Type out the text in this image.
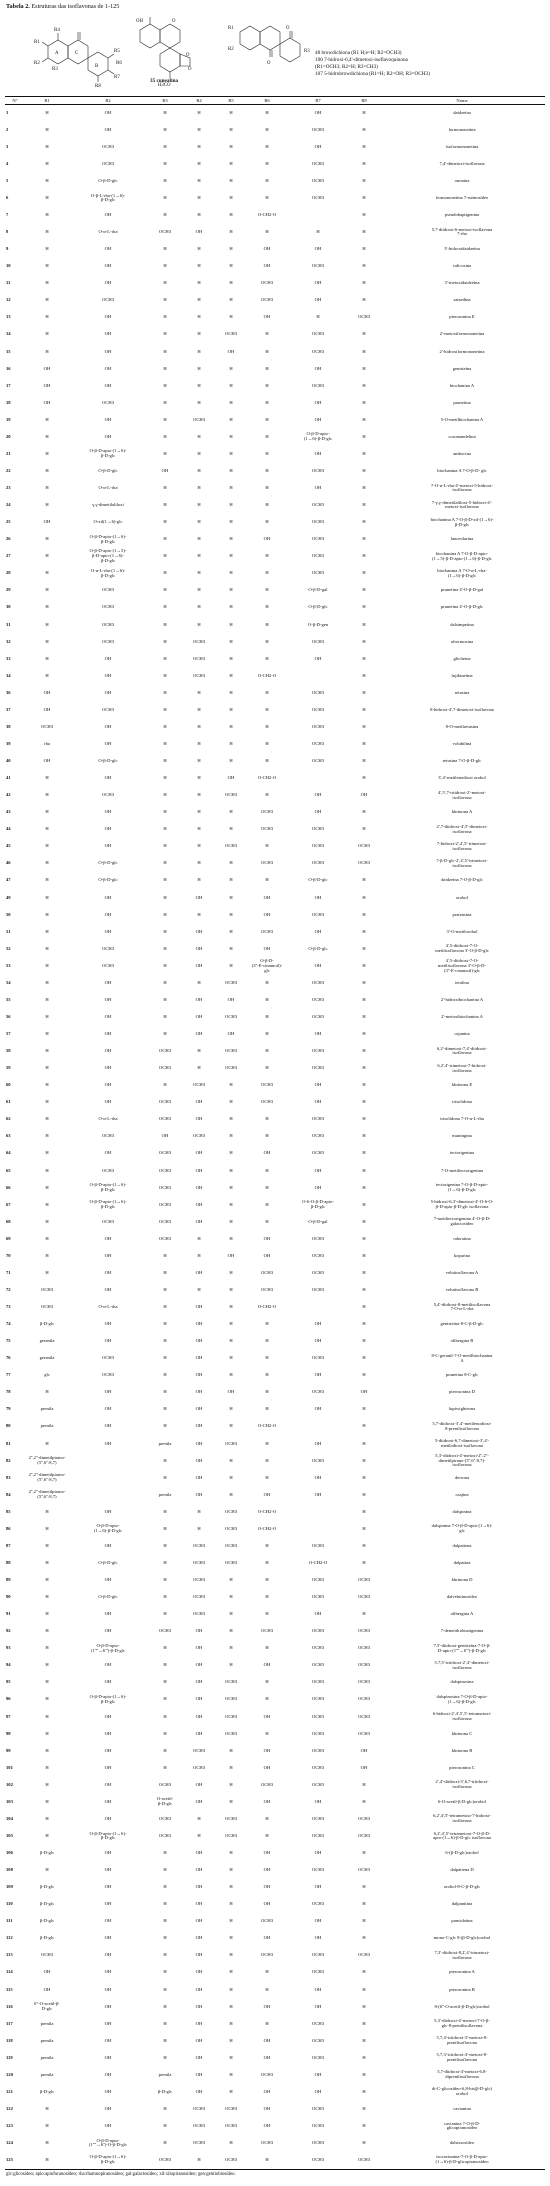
Tabela 2. Estruturas das isoflavonas de 1-125
A	C
B
R1
R2
R3
R4
R5
R6
R7
R8
OH	O
O
O
H3CO
R1
R2	R3
O
O
35 cuneatina
48 browdichiona (R1 H;e=H; R2=OCH3)
100 7-hidroxi-6,4'-dimetoxi-isoflavoquinona
(R1=OCH3; R2=H; R3=CH3)
107 5-hidrobrowdichiona (R1=H; R2=OH; R3=OCH3)
N°	R1	R2	R3	R4	R5	R6	R7	R8	Nome
1	H	OH	H	H	H	H	OH	H	daidzeína
2	H	OH	H	H	H	H	OCH3	H	formononetina
3	H	OCH3	H	H	H	H	OH	H	isoformononetina
4	H	OCH3	H	H	H	H	OCH3	H	7,4'-dimetoxi-isoflavona
5	H	O-β-D-glc	H	H	H	H	OCH3	H	ononina
6	H	O-β-L-rha-(1→6)-
β-D-glc	H	H	H	H	OCH3	H	formononetina 7-rutinosídeo
7	H	OH	H	H	H	O-CH2-O		H	pseudobaptigenina
8	H	O-α-L-rha	OCH3	OH	H	H	H	H	5,7-diidroxi-6-metoxi-isoflavona
7-rha
9	H	OH	H	H	H	OH	OH	H	3'-hidroxidaidzeína
10	H	OH	H	H	H	OH	OCH3	H	calicosina
11	H	OH	H	H	H	OCH3	OH	H	3'-metoxidaidzeína
12	H	OCH3	H	H	H	OCH3	OH	H	saiaedina
13	H	OH	H	H	H	OH	H	OCH3	pterosonina E
14	H	OH	H	H	OCH3	H	OCH3	H	2'-metoxiformononetina
15	H	OH	H	H	OH	H	OCH3	H	2'-hidroxiformononetina
16	OH	OH	H	H	H	H	OH	H	genisteína
17	OH	OH	H	H	H	H	OCH3	H	biochanina A
18	OH	OCH3	H	H	H	H	OH	H	prunetina
19	H	OH	H	OCH3	H	H	OH	H	5-O-metilbiochanina A
20	H	OH	H	H	H	H	O-β-D-apio-
(1→6)-β-D-glc	H	coromandelina
21	H	O-β-D-apio-(1→6)-
β-D-glc	H	H	H	H	OH	H	ambocina
22	H	O-β-D-glc	OH	H	H	H	OCH3	H	biochanina A 7-O-β-D- glc
23	H	O-α-L-rha	H	H	H	H	OH	H	7-O-α-L-rha-4'-metoxi-5-hidroxi-
isoflavona
24	H	γ,γ-dimetilaliloxi	H	H	H	H	OCH3	H	7-γ,γ-dimetilaliloxi-5-hidroxi-4'-
metoxi-isoflavona
25	OH	O-xil(1→6)-glc	H	H	H	H	OCH3	H	biochanina A 7-O-β-D-xil-(1→6)-
β-D-glc
26	H	O-β-D-apio-(1→6)-
β-D-glc	H	H	H	OH	OCH3	H	lanceolarina
27	H	O-β-D-apio-(1→5)-
β-D-apio-(1→6)-
β-D-glc	H	H	H	H	OCH3	H	biochanina A 7-O-β-D-apio-
(1→5)-β-D-apio-(1→6)-β-D-glc
28	H	O-α-L-rha-(1→6)-
β-D-glc	H	H	H	H	OCH3	H	biochanina A 7-O-α-L-rha-
(1→6)-β-D-glc
29	H	OCH3	H	H	H	H	O-β-D-gal	H	prunetina 4'-O-β-D-gal
30	H	OCH3	H	H	H	H	O-β-D-glc	H	prunetina 4'-O-β-D-glc
31	H	OCH3	H	H	H	H	O-β-D-gen	H	dalsimpetina
32	H	OCH3	H	OCH3	H	H	OCH3	H	afrormosina
33	H	OH	H	OCH3	H	H	OH	H	glicíteina
34	H	OH	H	OCH3	H	O-CH2-O		H	fujikinetina
36	OH	OH	H	H	H	H	OCH3	H	retusina
37	OH	OCH3	H	H	H	H	OCH3	H	8-hidroxi-4',7-dimetoxi-isoflavona
38	OCH3	OH	H	H	H	H	OCH3	H	8-O-metilretusina
39	rha	OH	H	H	H	H	OCH3	H	volubilina
40	OH	O-β-D-glc	H	H	H	H	OCH3	H	retusina 7-O-β-D-glc
41	H	OH	H	H	OH	O-CH2-O		H	3',4'-metilenodioxi orobol
42	H	OCH3	H	H	OCH3	H	OH	OH	4',5',7-triidroxi-2'-metoxi-
isoflavona
43	H	OH	H	H	H	OCH3	OH	H	khrinona A
44	H	OH	H	H	H	OCH3	OCH3	H	2',7-diidroxi-4',5'-dimetoxi-
isoflavona
45	H	OH	H	H	OCH3	H	OCH3	OCH3	7-hidroxi-2',4',5'-trimetoxi-
isoflavona
46	H	O-β-D-glc	H	H	H	OCH3	OCH3	OCH3	7-β-D-glc-2',4',5'-trimetoxi-
isoflavona
47	H	O-β-D-glc	H	H	H	H	O-β-D-glc	H	daidzeína 7-O-β-D-glc
49	H	OH	H	OH	H	OH	OH	H	orobol
50	H	OH	H	H	H	OH	OCH3	H	pratensina
51	H	OH	H	OH	H	OCH3	OH	H	3'-O-metilorobol
52	H	OCH3	H	OH	H	OH	O-β-D-glc	H	4',5-diidroxi-7-O-
metilisoflavona 3'-O-β-D-glc
53	H	OCH3	H	OH	H	O-β-D-
(3''-E-cinamoil)-
glc	OH	H	4',5-diidroxi-7-O-
metilisoflavona 3'-O-β-D-
(3''-E-cinamoil)-glc
54	H	OH	H	H	OCH3	H	OCH3	H	teralina
55	H	OH	H	OH	OH	H	OCH3	H	2'-hidroxibiochanina A
56	H	OH	H	OH	OCH3	H	OCH3	H	2'-metoxibiochanina A
57	H	OH	H	OH	OH	H	OH	H	cajanina
58	H	OH	OCH3	H	OCH3	H	OCH3	H	6,2'-dimetoxi-7,4'-diidroxi-
isoflavona
59	H	OH	OCH3	H	OCH3	H	OCH3	H	6,2',4'-trimetoxi-7-hidroxi-
isoflavona
60	H	OH	H	OCH3	H	OCH3	OH	H	khrinona E
61	H	OH	OCH3	OH	H	OCH3	OH	H	irisolidona
62	H	O-α-L-rha	OCH3	OH	H	H	OCH3	H	irisolidona 7-O-α-L-rha
63	H	OCH3	OH	OCH3	H	H	OCH3	H	muningina
64	H	OH	OCH3	OH	H	OH	OCH3	H	tectorigenina
65	H	OCH3	OCH3	OH	H	H	OH	H	7-O-metiltectorigenina
66	H	O-β-D-apio-(1→6)-
β-D-glc	OCH3	OH	H	H	OH	H	tectorigenina 7-O-β-D-apio-
(1→6)-β-D-glc
67	H	O-β-D-apio-(1→6)-
β-D-glc	OCH3	OH	H	H	O-6-O-β-D-apio-
β-D-glc	H	5-hidroxi-6,3'-dimetoxi-4'-O-6-O-
β-D-apio-β-D-glc isoflavona
68	H	OCH3	OCH3	OH	H	H	O-β-D-gal	H	7-metiltectorigenina 4'-O-β-D-
galactosídeo
69	H	OH	OCH3	H	H	OH	OCH3	H	odoratina
70	H	OH	H	H	OH	OH	OCH3	H	koparina
71	H	OH	H	OH	H	OCH3	OCH3	H	velutisoflavona A
72	OCH3	OH	H	H	H	OCH3	OCH3	H	velutisoflavona B
73	OCH3	O-α-L-rha	H	OH	H	O-CH2-O		H	5,4'-diidroxi-8-metilisoflavona
7-O-α-L-rha
74	β-D-glc	OH	H	OH	H	H	OH	H	genisteína-8-C-β-D-glc
75	geranila	OH	H	OH	H	H	OH	H	olibergina B
76	geranila	OCH3	H	OH	H	H	OCH3	H	8-C-geranil-7-O-metilbiochanina
A
77	glc	OCH3	H	OH	H	H	OH	H	prunetina 8-C-glc
78	H	OH	H	OH	OH	H	OCH3	OH	pterosonina D
79	prenila	OH	H	OH	H	H	OH	H	lupiwighteona
80	prenila	OH	H	OH	H	O-CH2-O		H	5,7-diidroxi-3',4'-metilenodioxi-
8-prenilisoflavona
81	H	OH	prenila	OH	OCH3	H	OH	H	5-diidroxi-6,7-dimetoxi-3',4'-
metilodioxi-isoflavona
82	2'',2''-dimetilpirano-(5'',6'':8,7)		H	OH	H	H	OCH3	H	5,3'-diidroxi-4'-metoxi-2'',2''-
dimetilpirano-(5'',6'':8,7)-
isoflavona
83	2'',2''-dimetilpirano-(5'',6'':8,7)		H	OH	H	H	OH	H	derrona
84	2'',2''-dimetilpirano-(5'',6'':8,7)		prenila	OH	H	OH	OH	H	osajina
85	H	OH	H	H	OCH3	O-CH2-O		H	dalspinina
86	H	O-β-D-apio-
(1→6)-β-D-glc	H	H	OCH3	O-CH2-O		H	dalspinina 7-O-β-D-apio-(1→6)-
glc
87	H	OH	H	OCH3	OCH3	H	OCH3	H	dalpatiena
88	H	O-β-D-glc	H	OCH3	OCH3	H	O-CH2-O	H	dalpatina
89	H	OH	H	OCH3	H	H	OCH3	OCH3	khrinona D
90	H	O-β-D-glc	H	OCH3	H	H	OCH3	OCH3	dalvelutinosídeo
91	H	OH	H	OCH3	H	H	OH	H	olibergina A
92	H	OH	OCH3	OH	H	OCH3	OCH3	OCH3	7-demetilrobustigenina
93	H	O-β-D-apio-
(1''''→6''')-β-D-glc	H	OH	H	H	OCH3	OCH3	7,5'-diidroxi-genisteína-7-O-β-
D-apio-(1''''→6''')-β-D-glc
94	H	OH	H	OH	H	OH	OCH3	OCH3	5,7,5'-triidroxi-2',4'-dimetoxi-
isoflavona
95	H	OH	H	OH	OCH3	H	OCH3	OCH3	dalspinosina
96	H	O-β-D-apio-(1→6)-
β-D-glc	H	OH	OCH3	H	OCH3	OCH3	dalspinosina 7-O-β-D-apio-
(1→6)-β-D-glc
97	H	OH	H	OH	OCH3	OH	OCH3	OCH3	6-hidroxi-2',4',5',5'-tetrametoxi-
isoflavona
98	H	OH	H	OH	OCH3	H	OCH3	OCH3	khrinona C
99	H	OH	H	OCH3	H	OH	OCH3	OH	khrinona B
101	H	OH	H	OCH3	H	OH	OCH3	OH	pterosonina C
102	H	OH	OCH3	OH	H	OCH3	OCH3	H	2',4'-diidroxi-3',6,7-triidroxi-
isoflavona
103	H	OH	O-acetil-
β-D-glc	OH	H	OH	OH	H	6-O-acetil-β-D-glc)orobol
104	H	OH	OCH3	H	OCH3	H	OCH3	OCH3	6,2',4',5'-tetrametoxi-7-hidroxi-
isoflavona
105	H	O-β-D-apio-(1→6)-
β-D-glc	OCH3	H	OCH3	H	OCH3	OCH3	6,2',4',5'-tetrametoxi-7-O-β-D-
apio-(1→6)-β-D-glc isoflavona
106	β-D-glc	OH	H	OH	H	OH	OH	H	6-(β-D-glc)orobol
108	H	OH	H	OH	H	OH	OCH3	OCH3	dalpatiena D
109	β-D-glc	OH	H	OH	H	OH	OH	H	orobol-8-C-β-D-glc
110	β-D-glc	OH	H	OH	H	OH	OCH3	H	dalpanitina
111	β-D-glc	OH	H	OH	H	OCH3	OH	H	pancidatina
112	β-D-glc	OH	H	OH	H	OH	OH	H	mono-C-glc 8-(β-D-glc)orobol
113	OCH3	OH	H	OH	H	OCH3	OCH3	OCH3	7,3'-diidroxi-8,2',4'-trimetoxi-
isoflavona
114	OH	OH	H	OH	H	H	OCH3	H	pterosonina A
115	OH	OH	H	OH	H	H	OH	H	pterosonina B
116	6''-O-acetil-β-
D-glc	OH	H	OH	H	OH	OH	H	8-(6''-O-acetil-β-D-glc)orobol
117	prenila	OH	H	OH	H	H	OCH3	H	5,3'-diidroxi-4'-metoxi-7-O-β-
glc-8-prenilisoflavona
118	prenila	OH	H	OH	H	OH	OCH3	H	5,7,4'-triidroxi-3'-metoxi-8-
prenilisoflavona
119	prenila	OH	H	OH	H	OH	OCH3	H	5,7,3'-triidroxi-4'-metoxi-8-
prenilisoflavona
120	prenila	OH	prenila	OH	H	OCH3	OH	H	5,7-diidroxi-4'-metoxi-6,8-
diprenilisoflavona
121	β-D-glc	OH	β-D-glc	OH	H	OH	OH	H	di-C-glicosídeo-6,8-bis(β-D-glc)
orobol
122	H	OH	H	OCH3	OCH3	OH	OCH3	H	cavianina
123	H	OH	H	OCH3	OCH3	OH	OCH3	H	cavianina 7-O-β-D-
glicopiranosídeo
124	H	O-β-D-apio-
(1''''→6'')-O-β-D-glc	H	OCH3	H	OCH3	OCH3	H	dalsissosídeo
125	H	O-β-D-apio-(1→6)-
β-D-glc	OCH3	H	OCH3	H	OCH3	OCH3	isocaviunina-7-O-β-D-apio-
(1→6)-β-D-glicopiranosídeo
glc:glicosídeo; apio:apiofuranosídeo; rha:rhamnopiranosídeo; gal:galactosídeo; xil:xilopiranosídeo; gen:gentiobiosídeo.
